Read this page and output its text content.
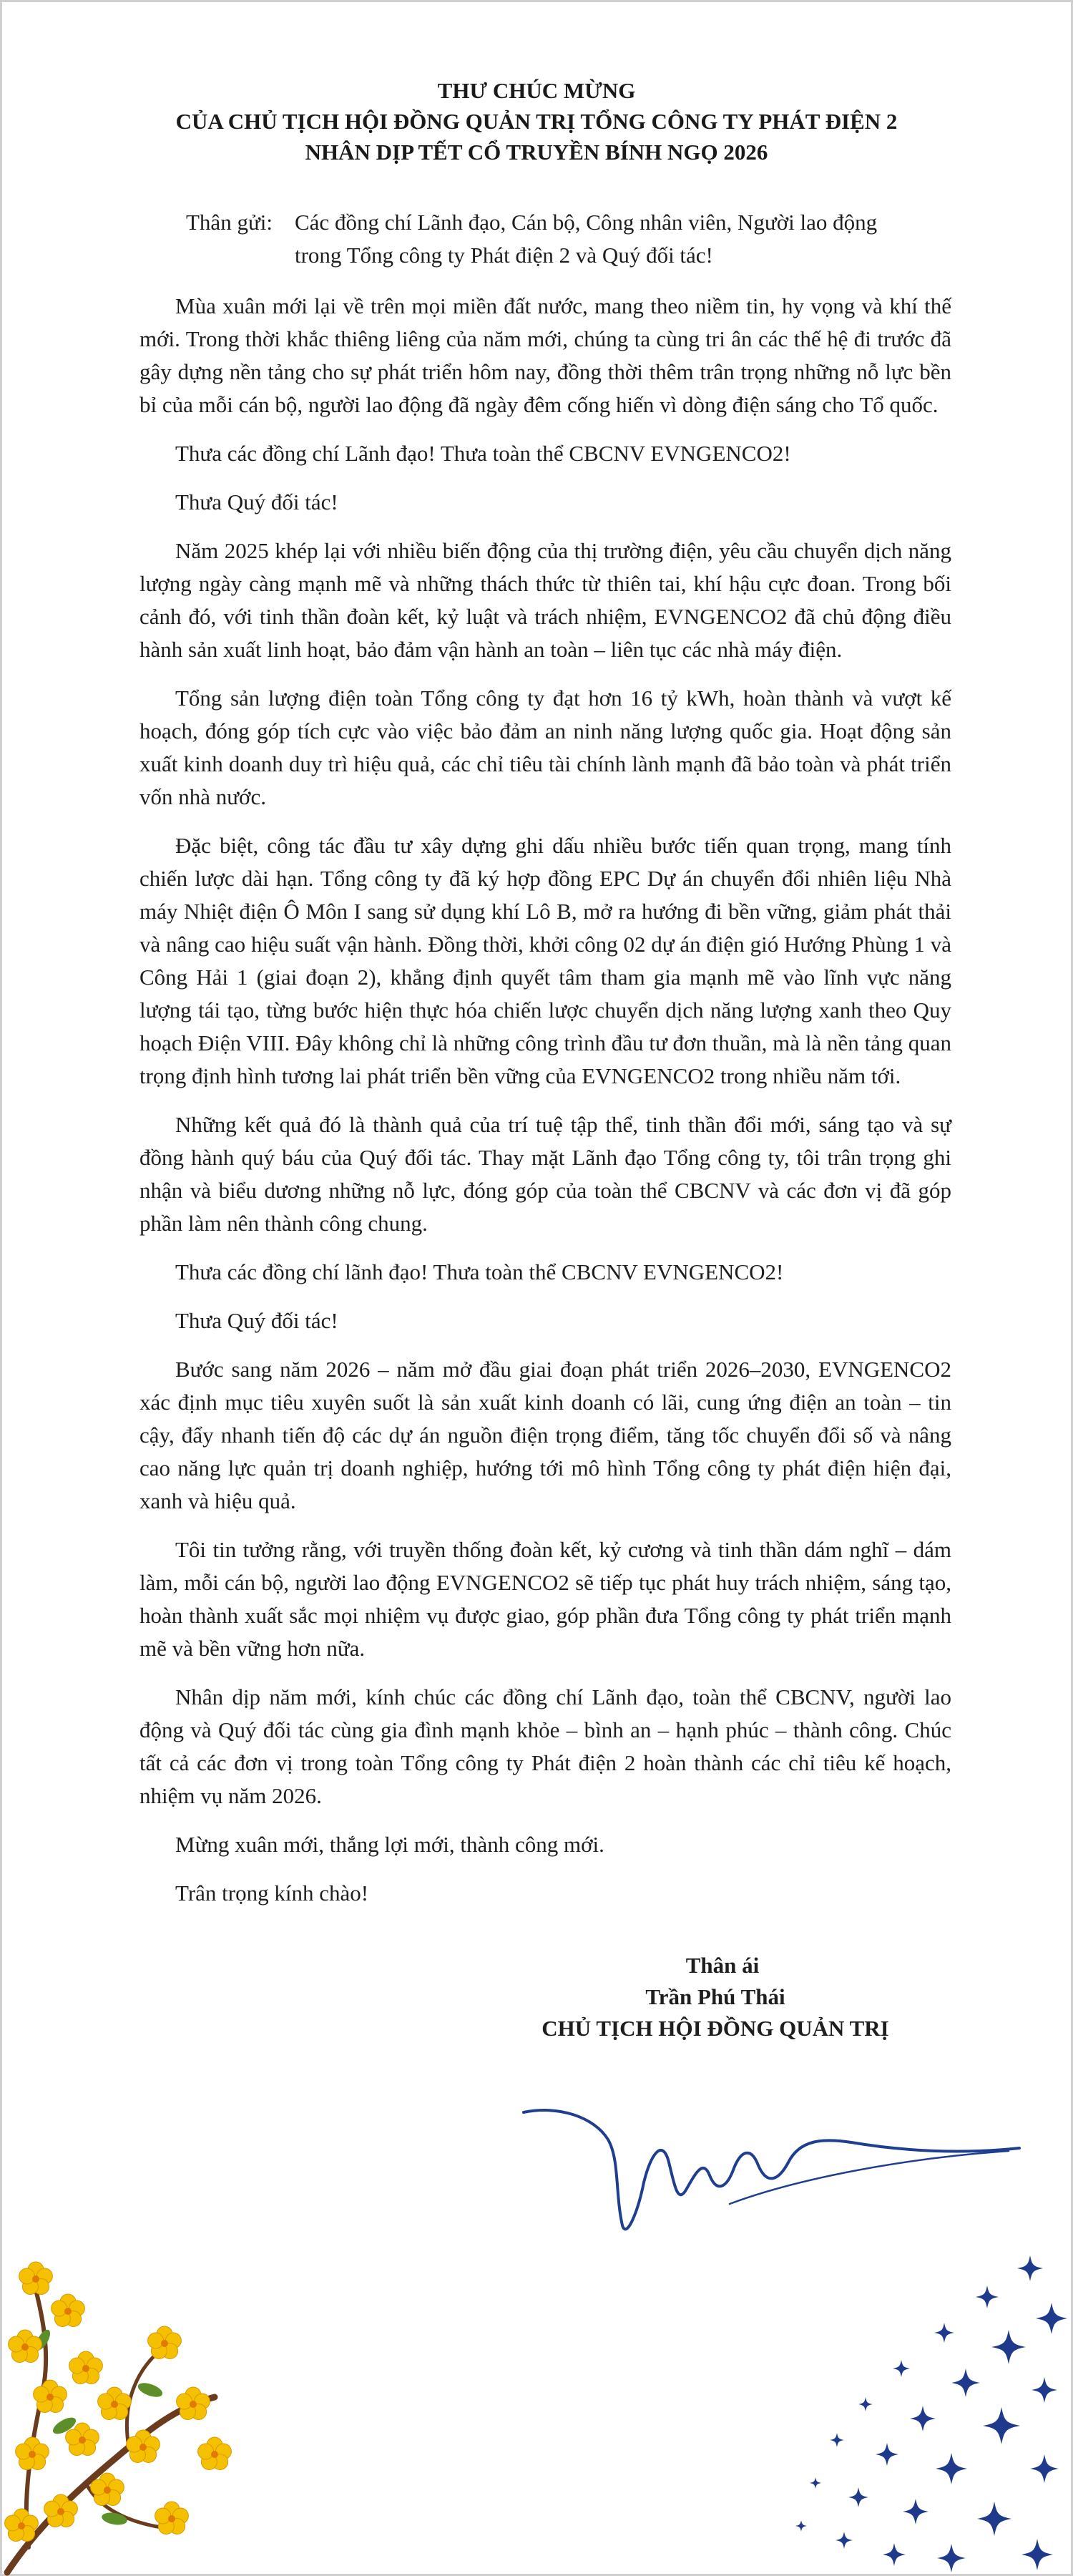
THƯ CHÚC MỪNG
CỦA CHỦ TỊCH HỘI ĐỒNG QUẢN TRỊ TỔNG CÔNG TY PHÁT ĐIỆN 2
NHÂN DỊP TẾT CỔ TRUYỀN BÍNH NGỌ 2026
Thân gửi: Các đồng chí Lãnh đạo, Cán bộ, Công nhân viên, Người lao động
trong Tổng công ty Phát điện 2 và Quý đối tác!

Mùa xuân mới lại về trên mọi miền đất nước, mang theo niềm tin, hy vọng và khí thế mới. Trong thời khắc thiêng liêng của năm mới, chúng ta cùng tri ân các thế hệ đi trước đã gây dựng nền tảng cho sự phát triển hôm nay, đồng thời thêm trân trọng những nỗ lực bền bỉ của mỗi cán bộ, người lao động đã ngày đêm cống hiến vì dòng điện sáng cho Tổ quốc.

Thưa các đồng chí Lãnh đạo! Thưa toàn thể CBCNV EVNGENCO2!

Thưa Quý đối tác!

Năm 2025 khép lại với nhiều biến động của thị trường điện, yêu cầu chuyển dịch năng lượng ngày càng mạnh mẽ và những thách thức từ thiên tai, khí hậu cực đoan. Trong bối cảnh đó, với tinh thần đoàn kết, kỷ luật và trách nhiệm, EVNGENCO2 đã chủ động điều hành sản xuất linh hoạt, bảo đảm vận hành an toàn – liên tục các nhà máy điện.

Tổng sản lượng điện toàn Tổng công ty đạt hơn 16 tỷ kWh, hoàn thành và vượt kế hoạch, đóng góp tích cực vào việc bảo đảm an ninh năng lượng quốc gia. Hoạt động sản xuất kinh doanh duy trì hiệu quả, các chỉ tiêu tài chính lành mạnh đã bảo toàn và phát triển vốn nhà nước.

Đặc biệt, công tác đầu tư xây dựng ghi dấu nhiều bước tiến quan trọng, mang tính chiến lược dài hạn. Tổng công ty đã ký hợp đồng EPC Dự án chuyển đổi nhiên liệu Nhà máy Nhiệt điện Ô Môn I sang sử dụng khí Lô B, mở ra hướng đi bền vững, giảm phát thải và nâng cao hiệu suất vận hành. Đồng thời, khởi công 02 dự án điện gió Hướng Phùng 1 và Công Hải 1 (giai đoạn 2), khẳng định quyết tâm tham gia mạnh mẽ vào lĩnh vực năng lượng tái tạo, từng bước hiện thực hóa chiến lược chuyển dịch năng lượng xanh theo Quy hoạch Điện VIII. Đây không chỉ là những công trình đầu tư đơn thuần, mà là nền tảng quan trọng định hình tương lai phát triển bền vững của EVNGENCO2 trong nhiều năm tới.

Những kết quả đó là thành quả của trí tuệ tập thể, tinh thần đổi mới, sáng tạo và sự đồng hành quý báu của Quý đối tác. Thay mặt Lãnh đạo Tổng công ty, tôi trân trọng ghi nhận và biểu dương những nỗ lực, đóng góp của toàn thể CBCNV và các đơn vị đã góp phần làm nên thành công chung.

Thưa các đồng chí lãnh đạo! Thưa toàn thể CBCNV EVNGENCO2!

Thưa Quý đối tác!

Bước sang năm 2026 – năm mở đầu giai đoạn phát triển 2026–2030, EVNGENCO2 xác định mục tiêu xuyên suốt là sản xuất kinh doanh có lãi, cung ứng điện an toàn – tin cậy, đẩy nhanh tiến độ các dự án nguồn điện trọng điểm, tăng tốc chuyển đổi số và nâng cao năng lực quản trị doanh nghiệp, hướng tới mô hình Tổng công ty phát điện hiện đại, xanh và hiệu quả.

Tôi tin tưởng rằng, với truyền thống đoàn kết, kỷ cương và tinh thần dám nghĩ – dám làm, mỗi cán bộ, người lao động EVNGENCO2 sẽ tiếp tục phát huy trách nhiệm, sáng tạo, hoàn thành xuất sắc mọi nhiệm vụ được giao, góp phần đưa Tổng công ty phát triển mạnh mẽ và bền vững hơn nữa.

Nhân dịp năm mới, kính chúc các đồng chí Lãnh đạo, toàn thể CBCNV, người lao động và Quý đối tác cùng gia đình mạnh khỏe – bình an – hạnh phúc – thành công. Chúc tất cả các đơn vị trong toàn Tổng công ty Phát điện 2 hoàn thành các chỉ tiêu kế hoạch, nhiệm vụ năm 2026.

Mừng xuân mới, thắng lợi mới, thành công mới.

Trân trọng kính chào!

Thân ái
Trần Phú Thái
CHỦ TỊCH HỘI ĐỒNG QUẢN TRỊ
